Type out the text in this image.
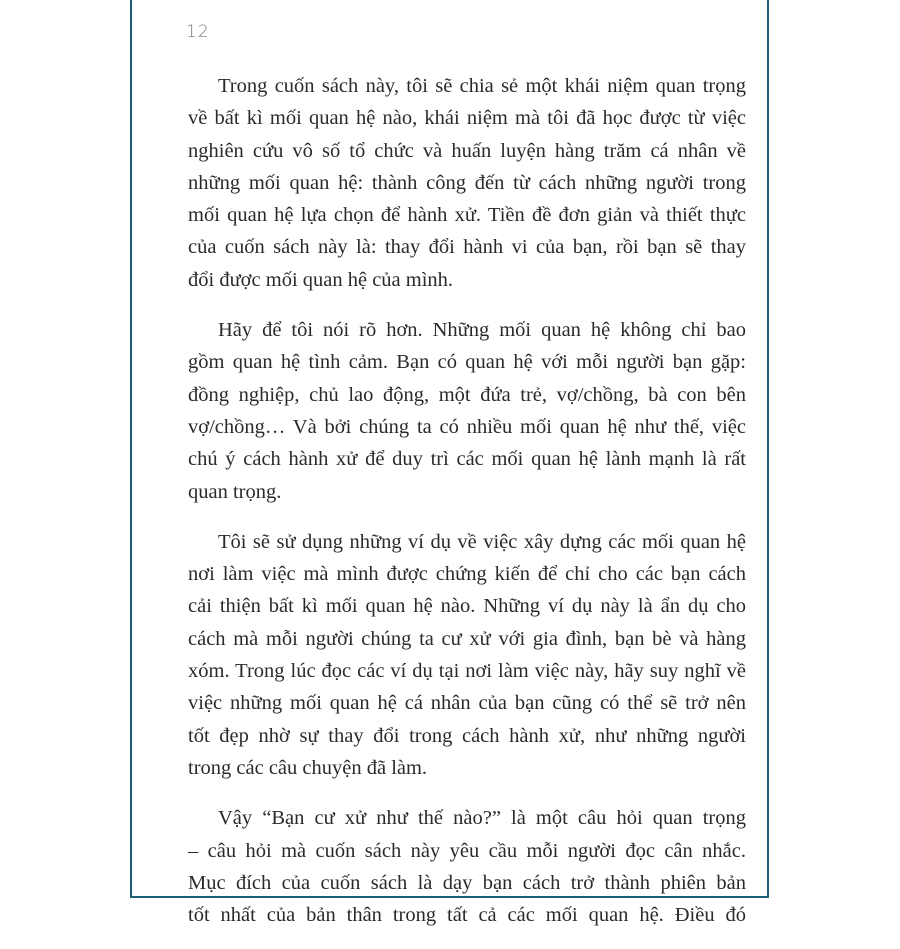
12
Trong cuốn sách này, tôi sẽ chia sẻ một khái niệm quan trọng
về bất kì mối quan hệ nào, khái niệm mà tôi đã học được từ việc
nghiên cứu vô số tổ chức và huấn luyện hàng trăm cá nhân về
những mối quan hệ: thành công đến từ cách những người trong
mối quan hệ lựa chọn để hành xử. Tiền đề đơn giản và thiết thực
của cuốn sách này là: thay đổi hành vi của bạn, rồi bạn sẽ thay
đổi được mối quan hệ của mình.
Hãy để tôi nói rõ hơn. Những mối quan hệ không chỉ bao
gồm quan hệ tình cảm. Bạn có quan hệ với mỗi người bạn gặp:
đồng nghiệp, chủ lao động, một đứa trẻ, vợ/chồng, bà con bên
vợ/chồng… Và bởi chúng ta có nhiều mối quan hệ như thế, việc
chú ý cách hành xử để duy trì các mối quan hệ lành mạnh là rất
quan trọng.
Tôi sẽ sử dụng những ví dụ về việc xây dựng các mối quan hệ
nơi làm việc mà mình được chứng kiến để chỉ cho các bạn cách
cải thiện bất kì mối quan hệ nào. Những ví dụ này là ẩn dụ cho
cách mà mỗi người chúng ta cư xử với gia đình, bạn bè và hàng
xóm. Trong lúc đọc các ví dụ tại nơi làm việc này, hãy suy nghĩ về
việc những mối quan hệ cá nhân của bạn cũng có thể sẽ trở nên
tốt đẹp nhờ sự thay đổi trong cách hành xử, như những người
trong các câu chuyện đã làm.
Vậy “Bạn cư xử như thế nào?” là một câu hỏi quan trọng
– câu hỏi mà cuốn sách này yêu cầu mỗi người đọc cân nhắc.
Mục đích của cuốn sách là dạy bạn cách trở thành phiên bản
tốt nhất của bản thân trong tất cả các mối quan hệ. Điều đó
